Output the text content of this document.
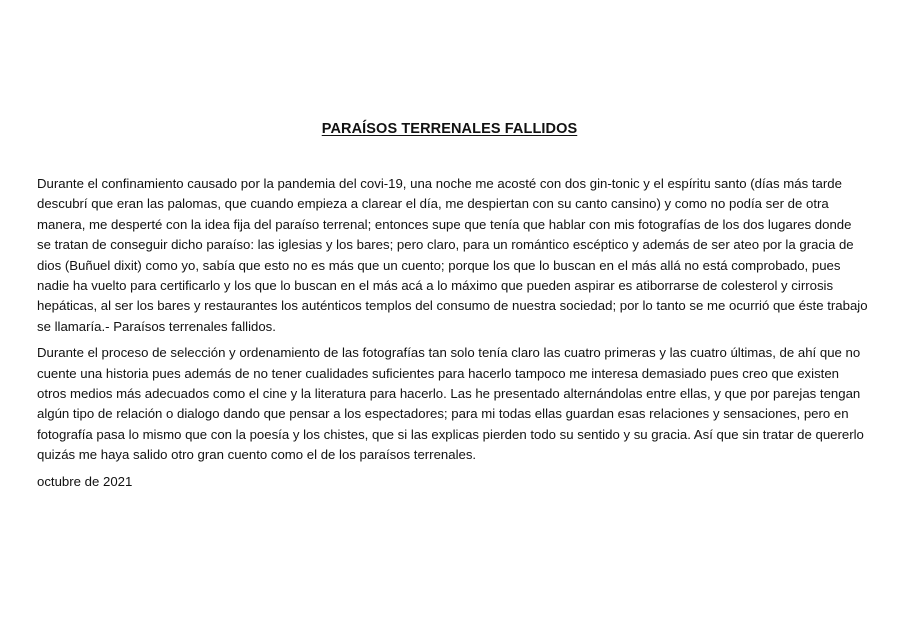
PARAÍSOS TERRENALES FALLIDOS

Durante el confinamiento causado por la pandemia del covi-19, una noche me acosté con dos gin-tonic y el espíritu santo (días más tarde descubrí que eran las palomas, que cuando empieza a clarear el día, me despiertan con su canto cansino) y como no podía ser de otra manera, me desperté con la idea fija del paraíso terrenal; entonces supe que tenía que hablar con mis fotografías de los dos lugares donde se tratan de conseguir dicho paraíso: las iglesias y los bares; pero claro, para un romántico escéptico y además de ser ateo por la gracia de dios (Buñuel dixit) como yo, sabía que esto no es más que un cuento; porque los que lo buscan en el más allá no está comprobado, pues nadie ha vuelto para certificarlo y los que lo buscan en el más acá a lo máximo que pueden aspirar es atiborrarse de colesterol y cirrosis hepáticas, al ser los bares y restaurantes los auténticos templos del consumo de nuestra sociedad; por lo tanto se me ocurrió que éste trabajo se llamaría.- Paraísos terrenales fallidos.

Durante el proceso de selección y ordenamiento de las fotografías tan solo tenía claro las cuatro primeras y las cuatro últimas, de ahí que no cuente una historia pues además de no tener cualidades suficientes para hacerlo tampoco me interesa demasiado pues creo que existen otros medios más adecuados como el cine y la literatura para hacerlo. Las he presentado alternándolas entre ellas, y que por parejas tengan algún tipo de relación o dialogo dando que pensar a los espectadores; para mi todas ellas guardan esas relaciones y sensaciones, pero en fotografía pasa lo mismo que con la poesía y los chistes, que si las explicas pierden todo su sentido y su gracia. Así que sin tratar de quererlo quizás me haya salido otro gran cuento como el de los paraísos terrenales.

octubre de 2021
